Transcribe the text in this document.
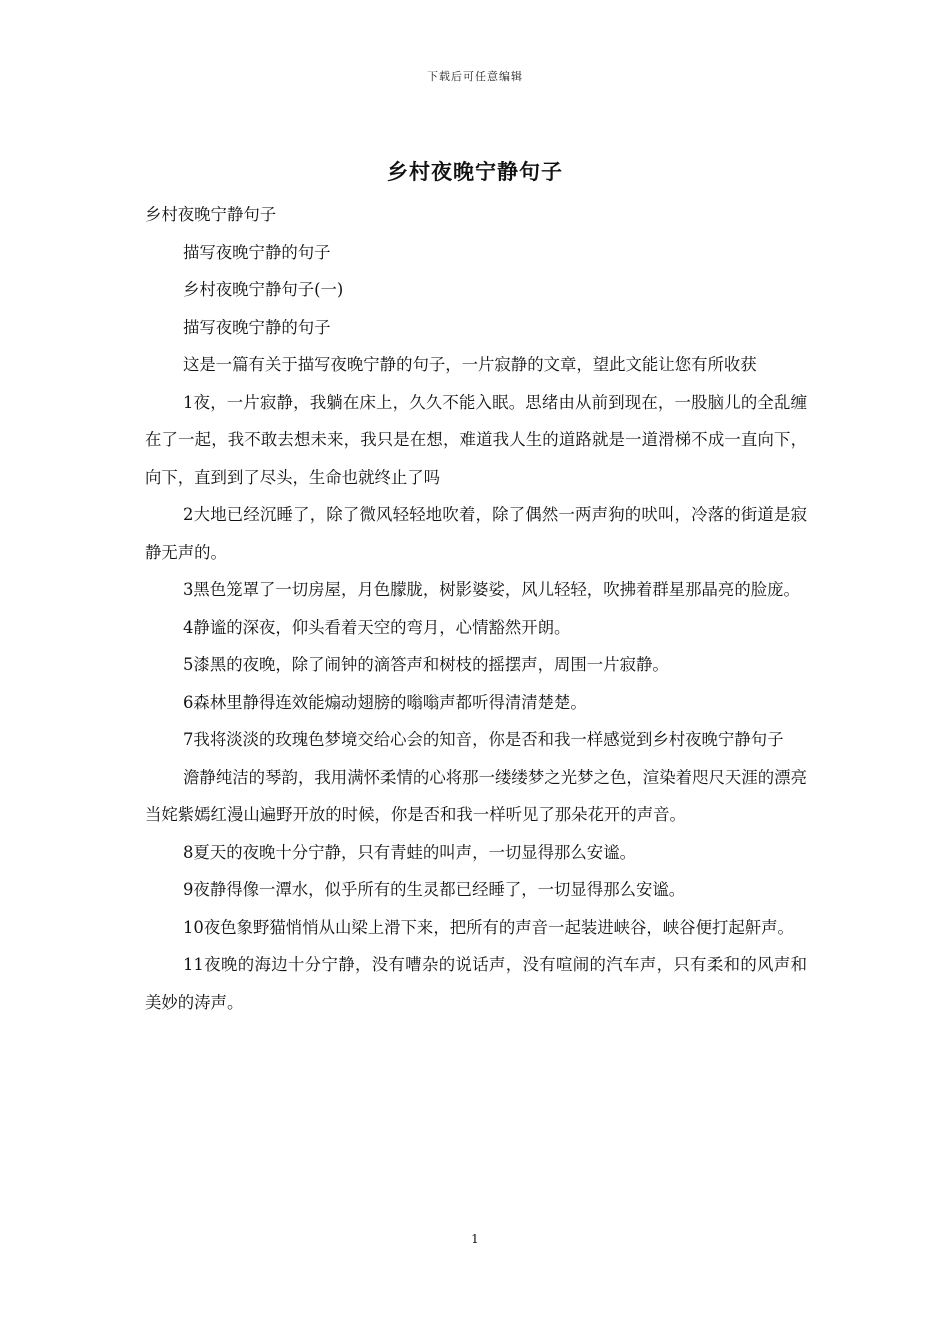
下载后可任意编辑
乡村夜晚宁静句子

乡村夜晚宁静句子

描写夜晚宁静的句子

乡村夜晚宁静句子(一)

描写夜晚宁静的句子

这是一篇有关于描写夜晚宁静的句子，一片寂静的文章，望此文能让您有所收获

1夜，一片寂静，我躺在床上，久久不能入眠。思绪由从前到现在，一股脑儿的全乱缠在了一起，我不敢去想未来，我只是在想，难道我人生的道路就是一道滑梯不成一直向下，向下，直到到了尽头，生命也就终止了吗

2大地已经沉睡了，除了微风轻轻地吹着，除了偶然一两声狗的吠叫，冷落的街道是寂静无声的。

3黑色笼罩了一切房屋，月色朦胧，树影婆娑，风儿轻轻，吹拂着群星那晶亮的脸庞。

4静谧的深夜，仰头看着天空的弯月，心情豁然开朗。

5漆黑的夜晚，除了闹钟的滴答声和树枝的摇摆声，周围一片寂静。

6森林里静得连效能煽动翅膀的嗡嗡声都听得清清楚楚。

7我将淡淡的玫瑰色梦境交给心会的知音，你是否和我一样感觉到乡村夜晚宁静句子

澹静纯洁的琴韵，我用满怀柔情的心将那一缕缕梦之光梦之色，渲染着咫尺天涯的漂亮当姹紫嫣红漫山遍野开放的时候，你是否和我一样听见了那朵花开的声音。

8夏天的夜晚十分宁静，只有青蛙的叫声，一切显得那么安谧。

9夜静得像一潭水，似乎所有的生灵都已经睡了，一切显得那么安谧。

10夜色象野猫悄悄从山梁上滑下来，把所有的声音一起装进峡谷，峡谷便打起鼾声。

11夜晚的海边十分宁静，没有嘈杂的说话声，没有喧闹的汽车声，只有柔和的风声和美妙的涛声。

1
